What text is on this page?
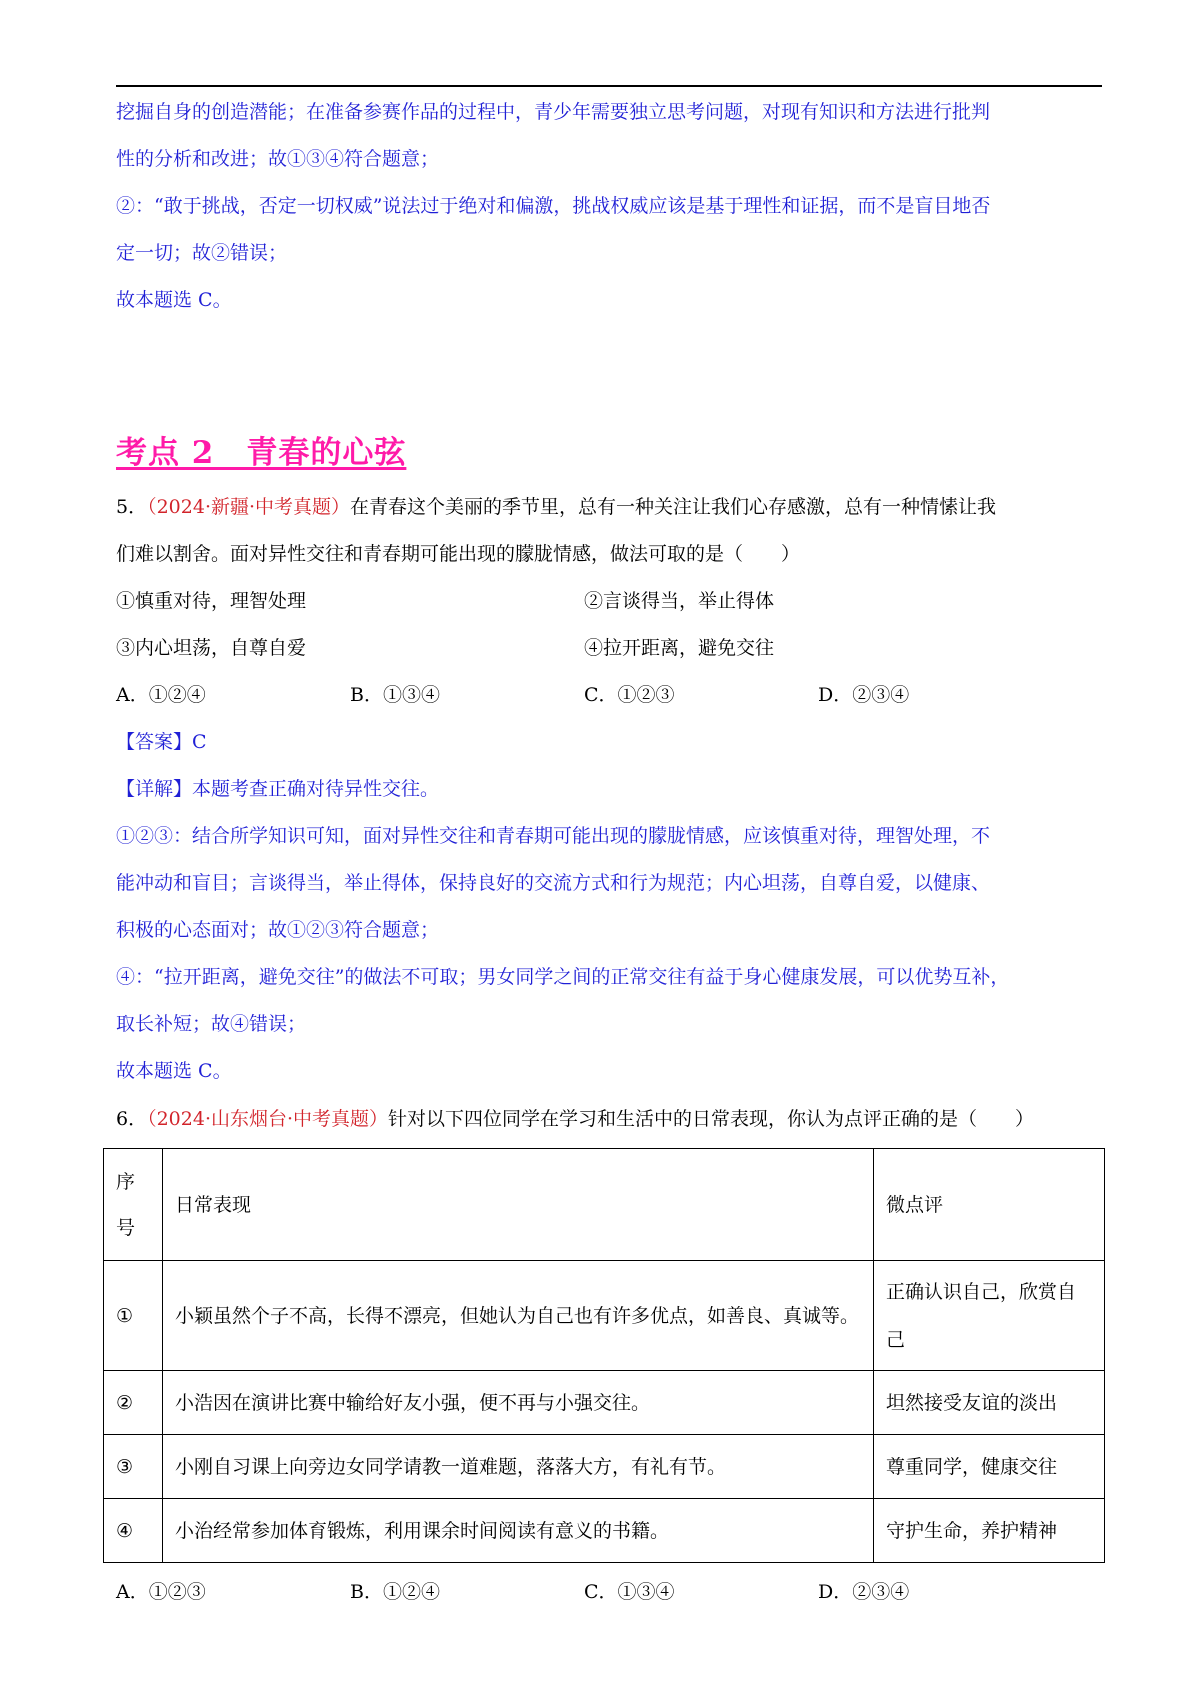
挖掘自身的创造潜能；在准备参赛作品的过程中，青少年需要独立思考问题，对现有知识和方法进行批判
性的分析和改进；故①③④符合题意；
②：“敢于挑战，否定一切权威”说法过于绝对和偏激，挑战权威应该是基于理性和证据，而不是盲目地否
定一切；故②错误；
故本题选 C。
考点 2　青春的心弦
5．（2024·新疆·中考真题）在青春这个美丽的季节里，总有一种关注让我们心存感激，总有一种情愫让我
们难以割舍。面对异性交往和青春期可能出现的朦胧情感，做法可取的是（　　）
①慎重对待，理智处理	②言谈得当，举止得体
③内心坦荡，自尊自爱	④拉开距离，避免交往
A．①②④	B．①③④	C．①②③	D．②③④
【答案】C
【详解】本题考查正确对待异性交往。
①②③：结合所学知识可知，面对异性交往和青春期可能出现的朦胧情感，应该慎重对待，理智处理，不
能冲动和盲目；言谈得当，举止得体，保持良好的交流方式和行为规范；内心坦荡，自尊自爱，以健康、
积极的心态面对；故①②③符合题意；
④：“拉开距离，避免交往”的做法不可取；男女同学之间的正常交往有益于身心健康发展，可以优势互补，
取长补短；故④错误；
故本题选 C。
6．（2024·山东烟台·中考真题）针对以下四位同学在学习和生活中的日常表现，你认为点评正确的是（　　）
序号	日常表现	微点评
①	小颖虽然个子不高，长得不漂亮，但她认为自己也有许多优点，如善良、真诚等。	正确认识自己，欣赏自己
②	小浩因在演讲比赛中输给好友小强，便不再与小强交往。	坦然接受友谊的淡出
③	小刚自习课上向旁边女同学请教一道难题，落落大方，有礼有节。	尊重同学，健康交往
④	小治经常参加体育锻炼，利用课余时间阅读有意义的书籍。	守护生命，养护精神
A．①②③	B．①②④	C．①③④	D．②③④
